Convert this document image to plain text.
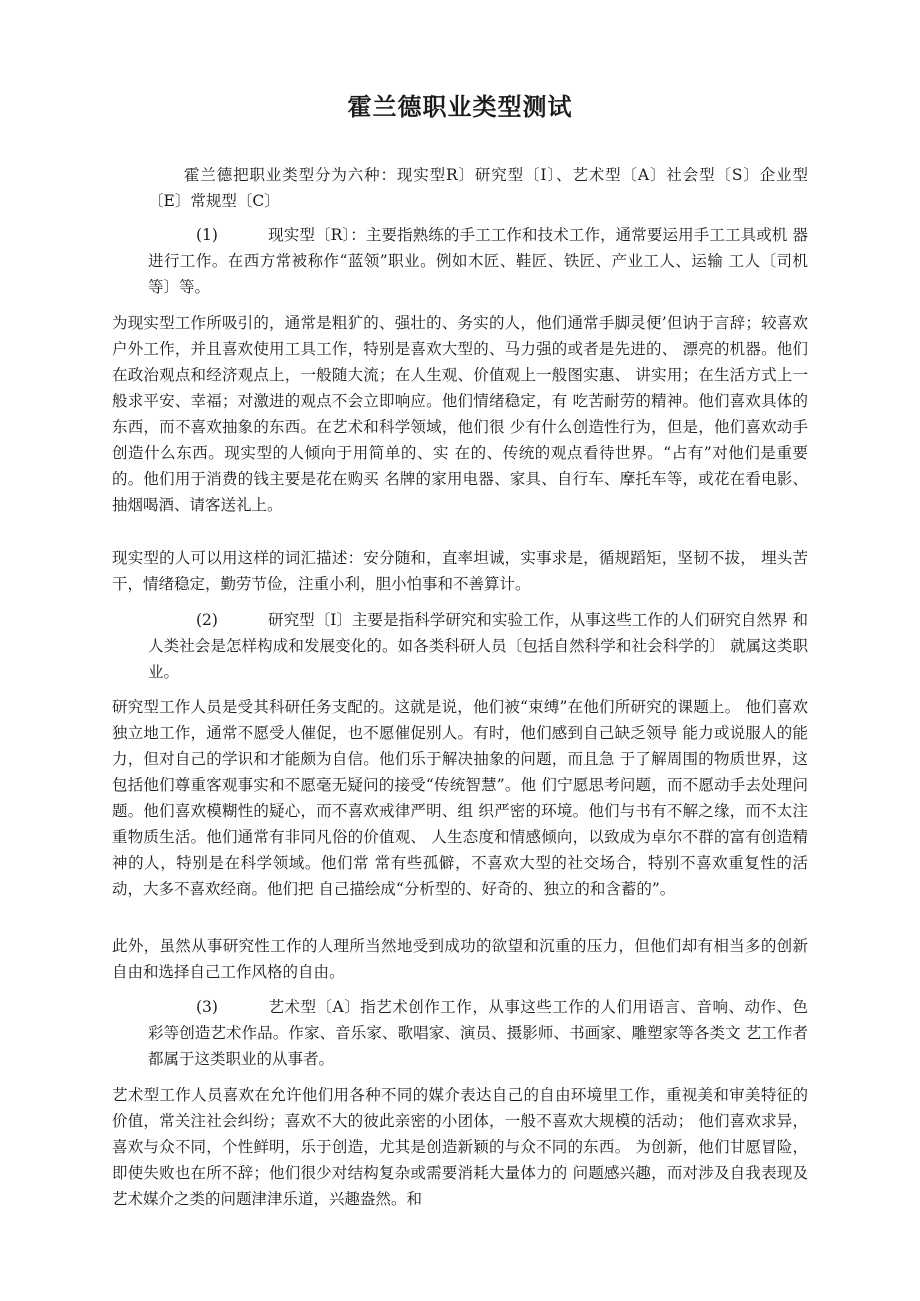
霍兰德职业类型测试

霍兰德把职业类型分为六种：现实型R〕研究型〔I〕、艺术型〔A〕社会型〔S〕企业型〔E〕常规型〔C〕

(1)	现实型〔R〕：主要指熟练的手工工作和技术工作，通常要运用手工工具或机 器进行工作。在西方常被称作“蓝领”职业。例如木匠、鞋匠、铁匠、产业工人、运输 工人〔司机等〕等。

为现实型工作所吸引的，通常是粗犷的、强壮的、务实的人，他们通常手脚灵便’但讷于言辞；较喜欢户外工作，并且喜欢使用工具工作，特别是喜欢大型的、马力强的或者是先进的、 漂亮的机器。他们在政治观点和经济观点上，一般随大流；在人生观、价值观上一般图实惠、 讲实用；在生活方式上一般求平安、幸福；对激进的观点不会立即响应。他们情绪稳定，有 吃苦耐劳的精神。他们喜欢具体的东西，而不喜欢抽象的东西。在艺术和科学领域，他们很 少有什么创造性行为，但是，他们喜欢动手创造什么东西。现实型的人倾向于用简单的、实 在的、传统的观点看待世界。“占有”对他们是重要的。他们用于消费的钱主要是花在购买 名牌的家用电器、家具、自行车、摩托车等，或花在看电影、抽烟喝酒、请客送礼上。

现实型的人可以用这样的词汇描述：安分随和，直率坦诚，实事求是，循规蹈矩，坚韧不拔， 埋头苦干，情绪稳定，勤劳节俭，注重小利，胆小怕事和不善算计。

(2)	研究型〔I〕主要是指科学研究和实验工作，从事这些工作的人们研究自然界 和人类社会是怎样构成和发展变化的。如各类科研人员〔包括自然科学和社会科学的〕 就属这类职业。

研究型工作人员是受其科研任务支配的。这就是说，他们被“束缚”在他们所研究的课题上。 他们喜欢独立地工作，通常不愿受人催促，也不愿催促别人。有时，他们感到自己缺乏领导 能力或说服人的能力，但对自己的学识和才能颇为自信。他们乐于解决抽象的问题，而且急 于了解周围的物质世界，这包括他们尊重客观事实和不愿毫无疑问的接受“传统智慧”。他 们宁愿思考问题，而不愿动手去处理问题。他们喜欢模糊性的疑心，而不喜欢戒律严明、组 织严密的环境。他们与书有不解之缘，而不太注重物质生活。他们通常有非同凡俗的价值观、 人生态度和情感倾向，以致成为卓尔不群的富有创造精神的人，特别是在科学领域。他们常 常有些孤僻，不喜欢大型的社交场合，特别不喜欢重复性的活动，大多不喜欢经商。他们把 自己描绘成“分析型的、好奇的、独立的和含蓄的”。

此外，虽然从事研究性工作的人理所当然地受到成功的欲望和沉重的压力，但他们却有相当多的创新自由和选择自己工作风格的自由。

(3)	艺术型〔A〕指艺术创作工作，从事这些工作的人们用语言、音响、动作、色 彩等创造艺术作品。作家、音乐家、歌唱家、演员、摄影师、书画家、雕塑家等各类文 艺工作者都属于这类职业的从事者。

艺术型工作人员喜欢在允许他们用各种不同的媒介表达自己的自由环境里工作，重视美和审美特征的价值，常关注社会纠纷；喜欢不大的彼此亲密的小团体，一般不喜欢大规模的活动； 他们喜欢求异，喜欢与众不同，个性鲜明，乐于创造，尤其是创造新颖的与众不同的东西。 为创新，他们甘愿冒险，即使失败也在所不辞；他们很少对结构复杂或需要消耗大量体力的 问题感兴趣，而对涉及自我表现及艺术媒介之类的问题津津乐道，兴趣盎然。和
